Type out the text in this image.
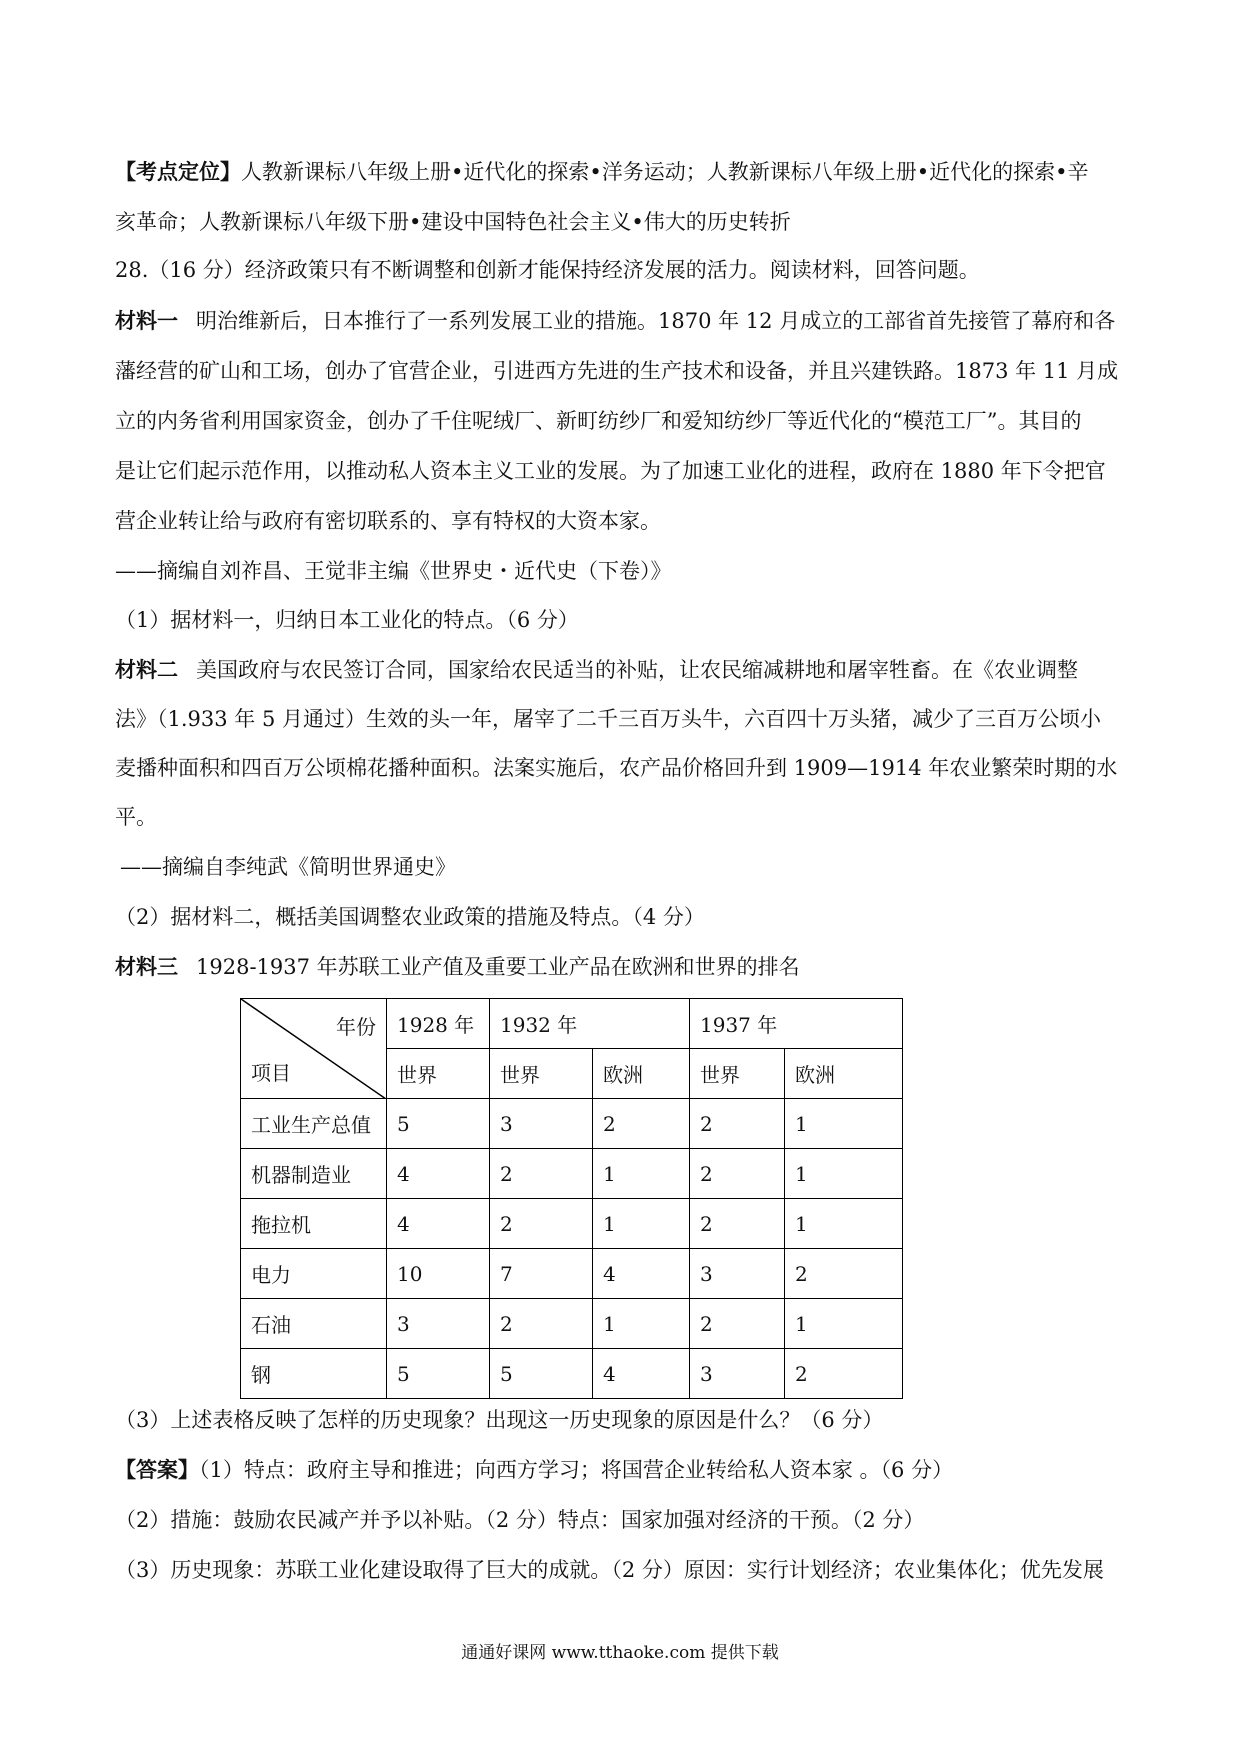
【考点定位】人教新课标八年级上册•近代化的探索•洋务运动；人教新课标八年级上册•近代化的探索•辛
亥革命；人教新课标八年级下册•建设中国特色社会主义•伟大的历史转折
28.（16 分）经济政策只有不断调整和创新才能保持经济发展的活力。阅读材料，回答问题。
材料一 明治维新后，日本推行了一系列发展工业的措施。1870 年 12 月成立的工部省首先接管了幕府和各
藩经营的矿山和工场，创办了官营企业，引进西方先进的生产技术和设备，并且兴建铁路。1873 年 11 月成
立的内务省利用国家资金，创办了千住呢绒厂、新町纺纱厂和爱知纺纱厂等近代化的“模范工厂”。其目的
是让它们起示范作用，以推动私人资本主义工业的发展。为了加速工业化的进程，政府在 1880 年下令把官
营企业转让给与政府有密切联系的、享有特权的大资本家。
——摘编自刘祚昌、王觉非主编《世界史・近代史（下卷）》
（1）据材料一，归纳日本工业化的特点。（6 分）
材料二 美国政府与农民签订合同，国家给农民适当的补贴，让农民缩减耕地和屠宰牲畜。在《农业调整
法》（1.933 年 5 月通过）生效的头一年，屠宰了二千三百万头牛，六百四十万头猪，减少了三百万公顷小
麦播种面积和四百万公顷棉花播种面积。法案实施后，农产品价格回升到 1909—1914 年农业繁荣时期的水
平。
——摘编自李纯武《简明世界通史》
（2）据材料二，概括美国调整农业政策的措施及特点。（4 分）
材料三 1928-1937 年苏联工业产值及重要工业产品在欧洲和世界的排名
年份
项目	1928 年	1932 年		1937 年	
	世界	世界	欧洲	世界	欧洲
工业生产总值	5	3	2	2	1
机器制造业	4	2	1	2	1
拖拉机	4	2	1	2	1
电力	10	7	4	3	2
石油	3	2	1	2	1
钢	5	5	4	3	2
（3）上述表格反映了怎样的历史现象？出现这一历史现象的原因是什么？（6 分）
【答案】（1）特点：政府主导和推进；向西方学习；将国营企业转给私人资本家 。（6 分）
（2）措施：鼓励农民减产并予以补贴。（2 分）特点：国家加强对经济的干预。（2 分）
（3）历史现象：苏联工业化建设取得了巨大的成就。（2 分）原因：实行计划经济；农业集体化；优先发展
通通好课网 www.tthaoke.com 提供下载
